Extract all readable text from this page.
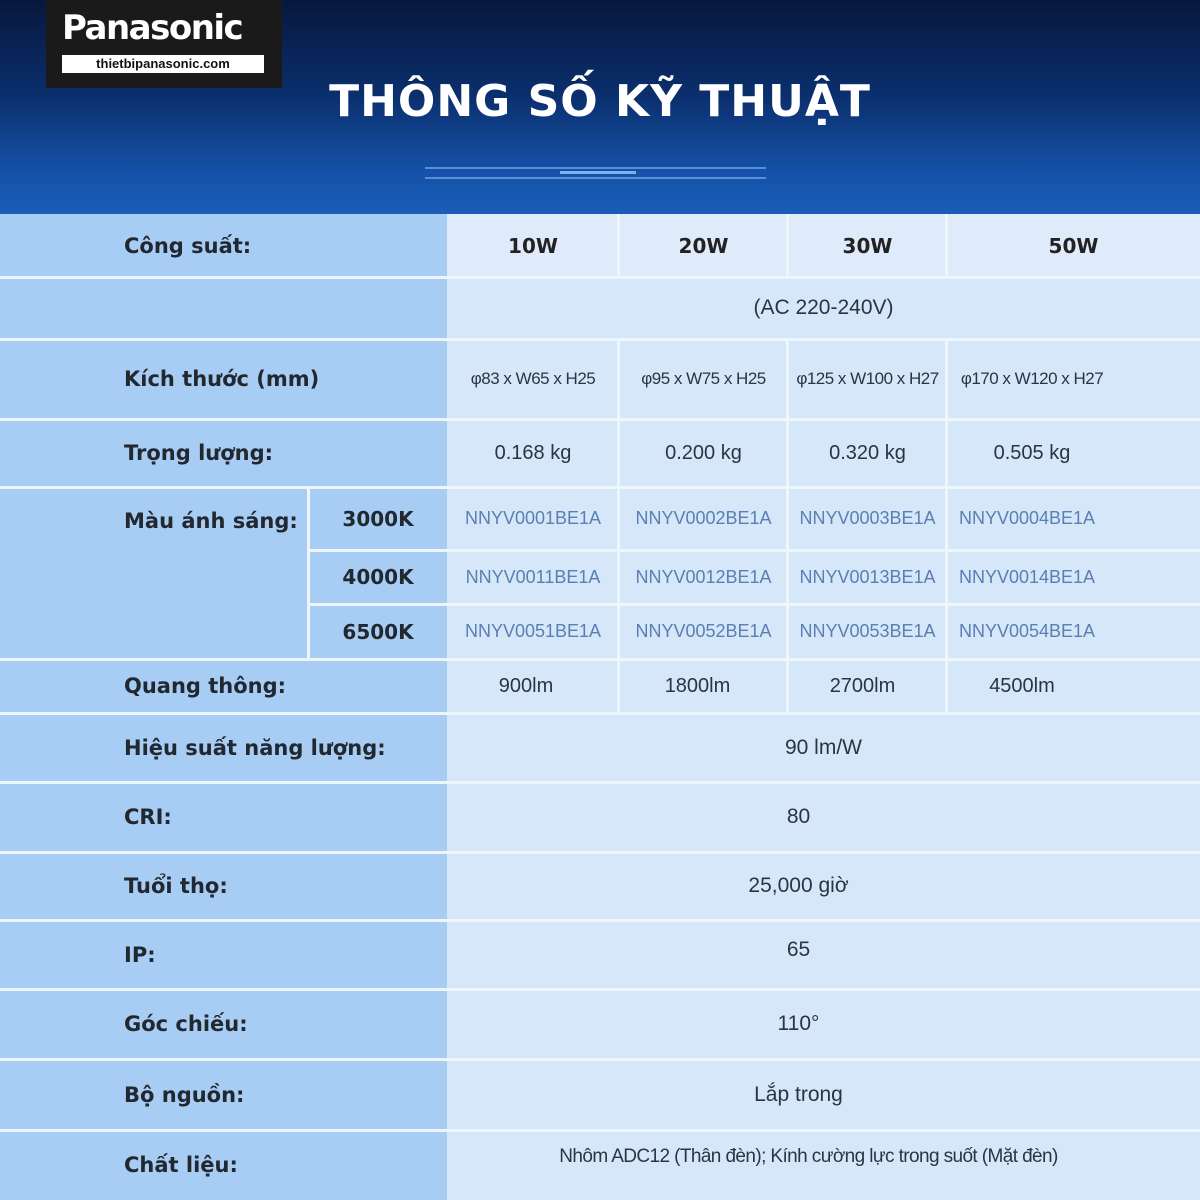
Panasonic
thietbipanasonic.com
THÔNG SỐ KỸ THUẬT
Công suất:	10W	20W	30W	50W
(AC 220-240V)
Kích thước (mm)	φ83 x W65 x H25	φ95 x W75 x H25	φ125 x W100 x H27	φ170 x W120 x H27
Trọng lượng:	0.168 kg	0.200 kg	0.320 kg	0.505 kg
Màu ánh sáng:	3000K	NNYV0001BE1A	NNYV0002BE1A	NNYV0003BE1A	NNYV0004BE1A
4000K	NNYV0011BE1A	NNYV0012BE1A	NNYV0013BE1A	NNYV0014BE1A
6500K	NNYV0051BE1A	NNYV0052BE1A	NNYV0053BE1A	NNYV0054BE1A
Quang thông:	900lm	1800lm	2700lm	4500lm
Hiệu suất năng lượng:	90 lm/W
CRI:	80
Tuổi thọ:	25,000 giờ
IP:	65
Góc chiếu:	110°
Bộ nguồn:	Lắp trong
Chất liệu:	Nhôm ADC12 (Thân đèn); Kính cường lực trong suốt (Mặt đèn)
